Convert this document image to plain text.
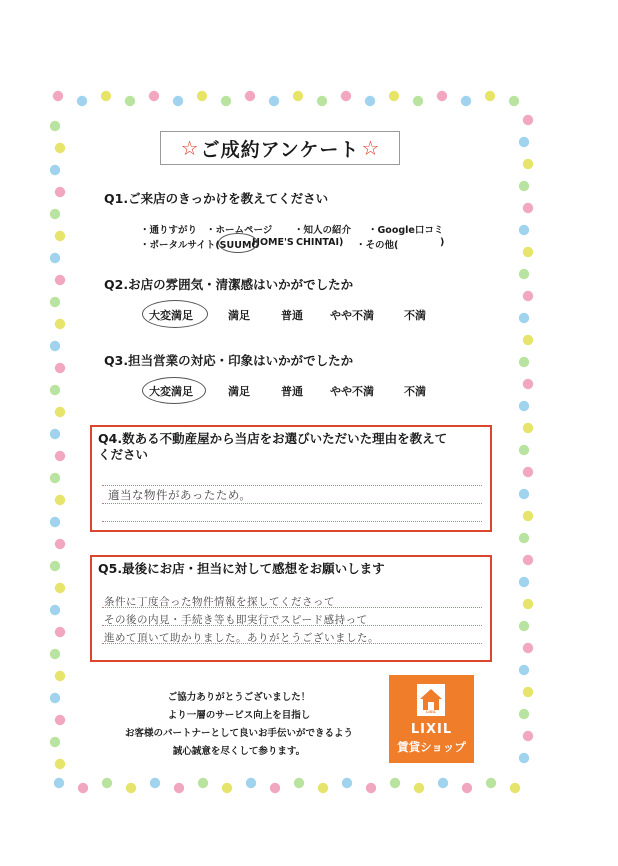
☆ ご成約アンケート ☆
Q1.ご来店のきっかけを教えてください
・通りすがり ・ホームページ ・知人の紹介 ・Google口コミ
・ポータルサイト(SUUMO
HOME'S CHINTAI) ・その他(	)
Q2.お店の雰囲気・清潔感はいかがでしたか
大変満足	満足	普通 やや不満	不満
Q3.担当営業の対応・印象はいかがでしたか
大変満足	満足	普通 やや不満	不満
Q4.数ある不動産屋から当店をお選びいただいた理由を教えて
ください
適当な物件があったため。
Q5.最後にお店・担当に対して感想をお願いします
条件に丁度合った物件情報を探してくださって
その後の内見・手続き等も即実行でスピード感持って
進めて頂いて助かりました。ありがとうございました。
ご協力ありがとうございました！
より一層のサービス向上を目指し
お客様のパートナーとして良いお手伝いができるよう
誠心誠意を尽くして参ります。
LIXIL
LIXIL
賃貸ショップ
